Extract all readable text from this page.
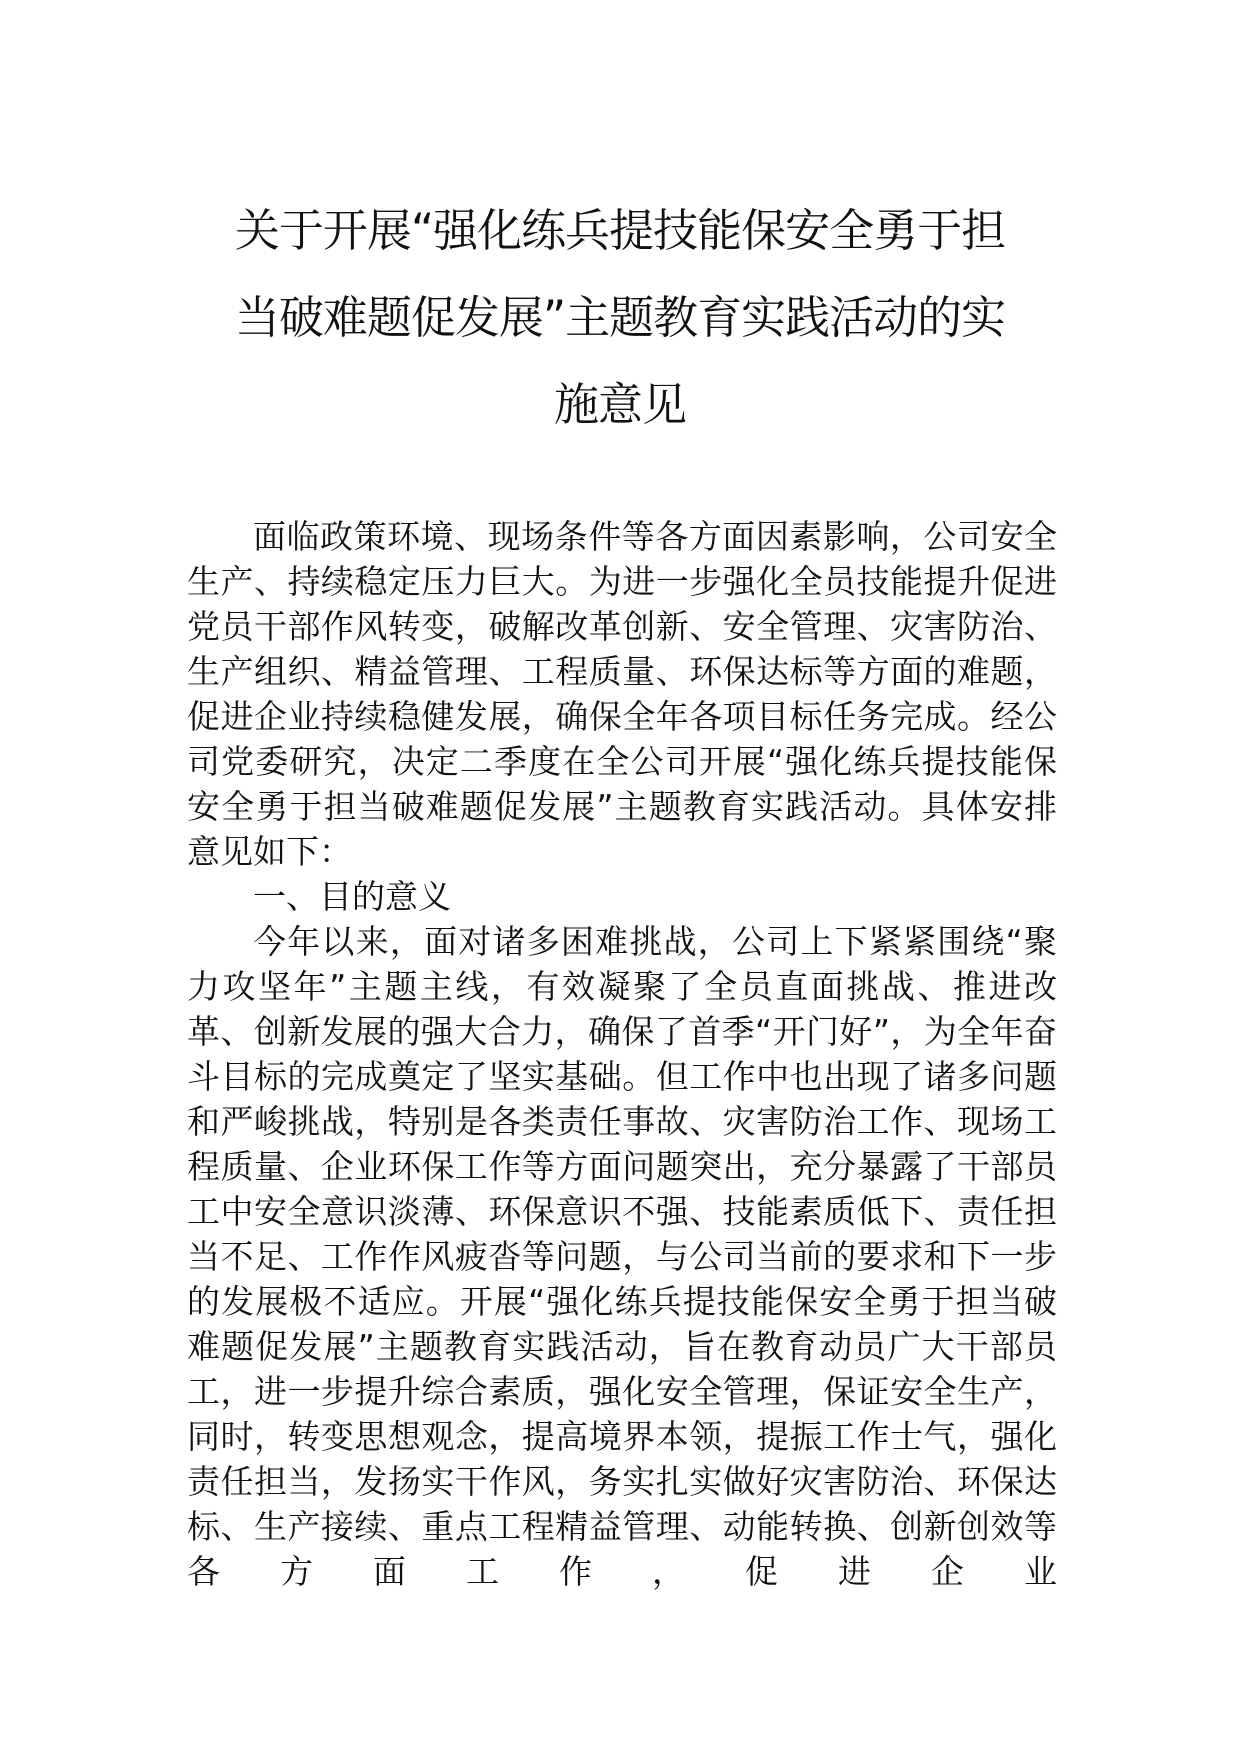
关于开展“强化练兵提技能保安全勇于担
当破难题促发展”主题教育实践活动的实
施意见

面临政策环境、现场条件等各方面因素影响，公司安全生产、持续稳定压力巨大。为进一步强化全员技能提升促进党员干部作风转变，破解改革创新、安全管理、灾害防治、生产组织、精益管理、工程质量、环保达标等方面的难题，促进企业持续稳健发展，确保全年各项目标任务完成。经公司党委研究，决定二季度在全公司开展“强化练兵提技能保安全勇于担当破难题促发展”主题教育实践活动。具体安排意见如下：

一、目的意义

今年以来，面对诸多困难挑战，公司上下紧紧围绕“聚力攻坚年”主题主线，有效凝聚了全员直面挑战、推进改革、创新发展的强大合力，确保了首季“开门好”，为全年奋斗目标的完成奠定了坚实基础。但工作中也出现了诸多问题和严峻挑战，特别是各类责任事故、灾害防治工作、现场工程质量、企业环保工作等方面问题突出，充分暴露了干部员工中安全意识淡薄、环保意识不强、技能素质低下、责任担当不足、工作作风疲沓等问题，与公司当前的要求和下一步的发展极不适应。开展“强化练兵提技能保安全勇于担当破难题促发展”主题教育实践活动，旨在教育动员广大干部员工，进一步提升综合素质，强化安全管理，保证安全生产，同时，转变思想观念，提高境界本领，提振工作士气，强化责任担当，发扬实干作风，务实扎实做好灾害防治、环保达标、生产接续、重点工程精益管理、动能转换、创新创效等各方面工作，促进企业
